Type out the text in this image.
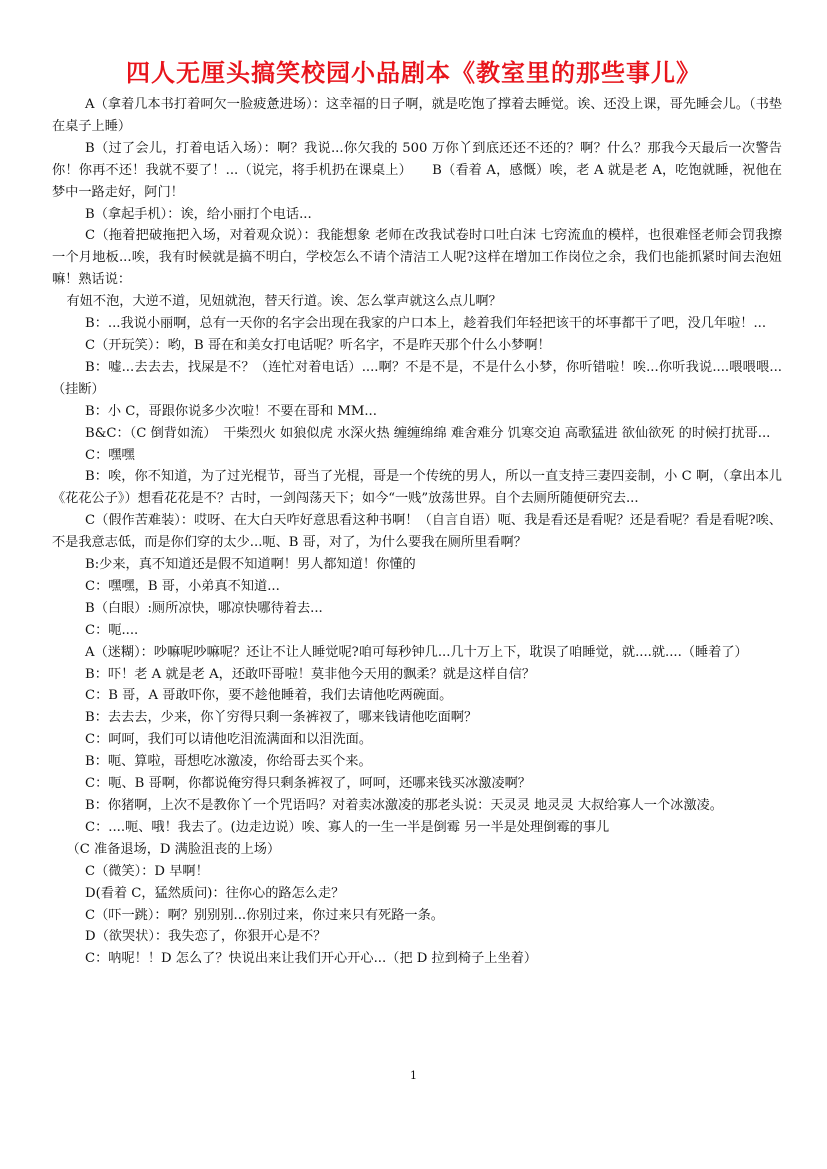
四人无厘头搞笑校园小品剧本《教室里的那些事儿》

A（拿着几本书打着呵欠一脸疲惫进场）：这幸福的日子啊，就是吃饱了撑着去睡觉。诶、还没上课，哥先睡会儿。（书垫在桌子上睡）

B（过了会儿，打着电话入场）：啊？我说...你欠我的 500 万你丫到底还还不还的？啊？什么？那我今天最后一次警告你！你再不还！我就不要了！...（说完，将手机扔在课桌上）　　B（看着 A，感慨）唉，老 A 就是老 A，吃饱就睡，祝他在梦中一路走好，阿门！

B（拿起手机）：诶，给小丽打个电话...

C（拖着把破拖把入场，对着观众说）：我能想象 老师在改我试卷时口吐白沫 七窍流血的模样，也很难怪老师会罚我擦一个月地板...唉，我有时候就是搞不明白，学校怎么不请个清洁工人呢?这样在增加工作岗位之余，我们也能抓紧时间去泡妞嘛！熟话说：

有妞不泡，大逆不道，见妞就泡，替天行道。诶、怎么掌声就这么点儿啊？

B：...我说小丽啊，总有一天你的名字会出现在我家的户口本上，趁着我们年轻把该干的坏事都干了吧，没几年啦！...

C（开玩笑）：哟，B 哥在和美女打电话呢？听名字，不是昨天那个什么小梦啊！

B：嘘...去去去，找屎是不？（连忙对着电话）....啊？不是不是，不是什么小梦，你听错啦！唉...你听我说....喂喂喂...（挂断）

B：小 C，哥跟你说多少次啦！不要在哥和 MM...

B&C：（C 倒背如流）　干柴烈火 如狼似虎 水深火热 缠缠绵绵 难舍难分 饥寒交迫 高歌猛进 欲仙欲死 的时候打扰哥...

C：嘿嘿

B：唉，你不知道，为了过光棍节，哥当了光棍，哥是一个传统的男人，所以一直支持三妻四妾制，小 C 啊，（拿出本儿《花花公子》）想看花花是不？古时，一剑闯荡天下；如今“一贱”放荡世界。自个去厕所随便研究去...

C（假作苦难装）：哎呀、在大白天咋好意思看这种书啊！（自言自语）呃、我是看还是看呢？还是看呢？看是看呢?唉、不是我意志低，而是你们穿的太少...呃、B 哥，对了，为什么要我在厕所里看啊？

B:少来，真不知道还是假不知道啊！男人都知道！你懂的

C：嘿嘿，B 哥，小弟真不知道...

B（白眼）:厕所凉快，哪凉快哪待着去...

C：呃....

A（迷糊）：吵嘛呢吵嘛呢？还让不让人睡觉呢?咱可每秒钟几...几十万上下，耽误了咱睡觉，就....就....（睡着了）

B：吓！老 A 就是老 A，还敢吓哥啦！莫非他今天用的飘柔？就是这样自信？

C：B 哥，A 哥敢吓你，要不趁他睡着，我们去请他吃两碗面。

B：去去去，少来，你丫穷得只剩一条裤衩了，哪来钱请他吃面啊？

C：呵呵，我们可以请他吃泪流满面和以泪洗面。

B：呃、算啦，哥想吃冰激凌，你给哥去买个来。

C：呃、B 哥啊，你都说俺穷得只剩条裤衩了，呵呵，还哪来钱买冰激凌啊？

B：你猪啊，上次不是教你丫一个咒语吗？对着卖冰激凌的那老头说：天灵灵 地灵灵 大叔给寡人一个冰激凌。

C：....呃、哦！我去了。(边走边说）唉、寡人的一生一半是倒霉 另一半是处理倒霉的事儿

（C 准备退场，D 满脸沮丧的上场）

C（微笑）：D 早啊！

D(看着 C，猛然质问)：往你心的路怎么走？

C（吓一跳）：啊？别别别...你别过来，你过来只有死路一条。

D（欲哭状）：我失恋了，你狠开心是不？

C：呐呢！！D 怎么了？快说出来让我们开心开心...（把 D 拉到椅子上坐着）

1
